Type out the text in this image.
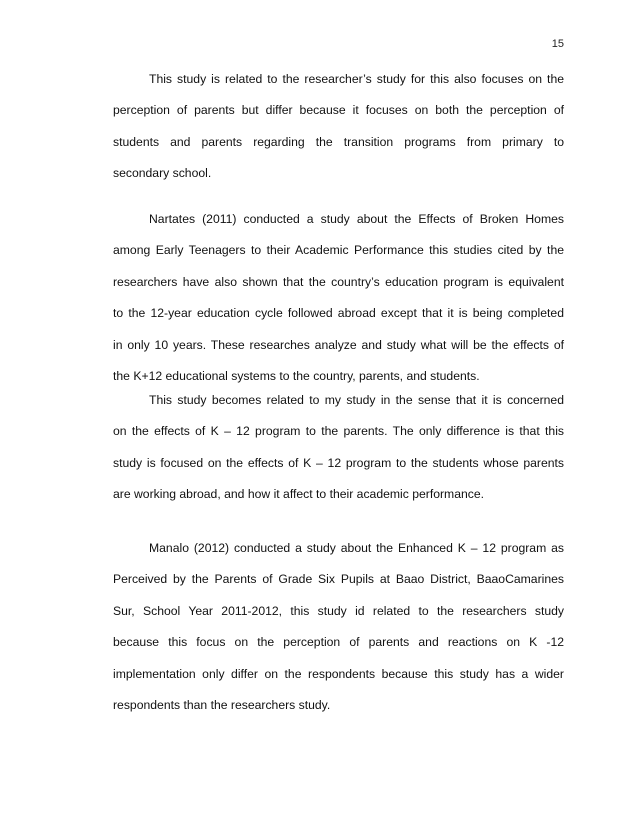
15
This study is related to the researcher’s study for this also focuses on the
perception of parents but differ because it focuses on both the perception of
students and parents regarding the transition programs from primary to
secondary school.
Nartates (2011) conducted a study about the Effects of Broken Homes
among Early Teenagers to their Academic Performance this studies cited by the
researchers have also shown that the country’s education program is equivalent
to the 12-year education cycle followed abroad except that it is being completed
in only 10 years. These researches analyze and study what will be the effects of
the K+12 educational systems to the country, parents, and students.
This study becomes related to my study in the sense that it is concerned
on the effects of K – 12 program to the parents. The only difference is that this
study is focused on the effects of K – 12 program to the students whose parents
are working abroad, and how it affect to their academic performance.
Manalo (2012) conducted a study about the Enhanced K – 12 program as
Perceived by the Parents of Grade Six Pupils at Baao District, BaaoCamarines
Sur, School Year 2011-2012, this study id related to the researchers study
because this focus on the perception of parents and reactions on K -12
implementation only differ on the respondents because this study has a wider
respondents than the researchers study.
